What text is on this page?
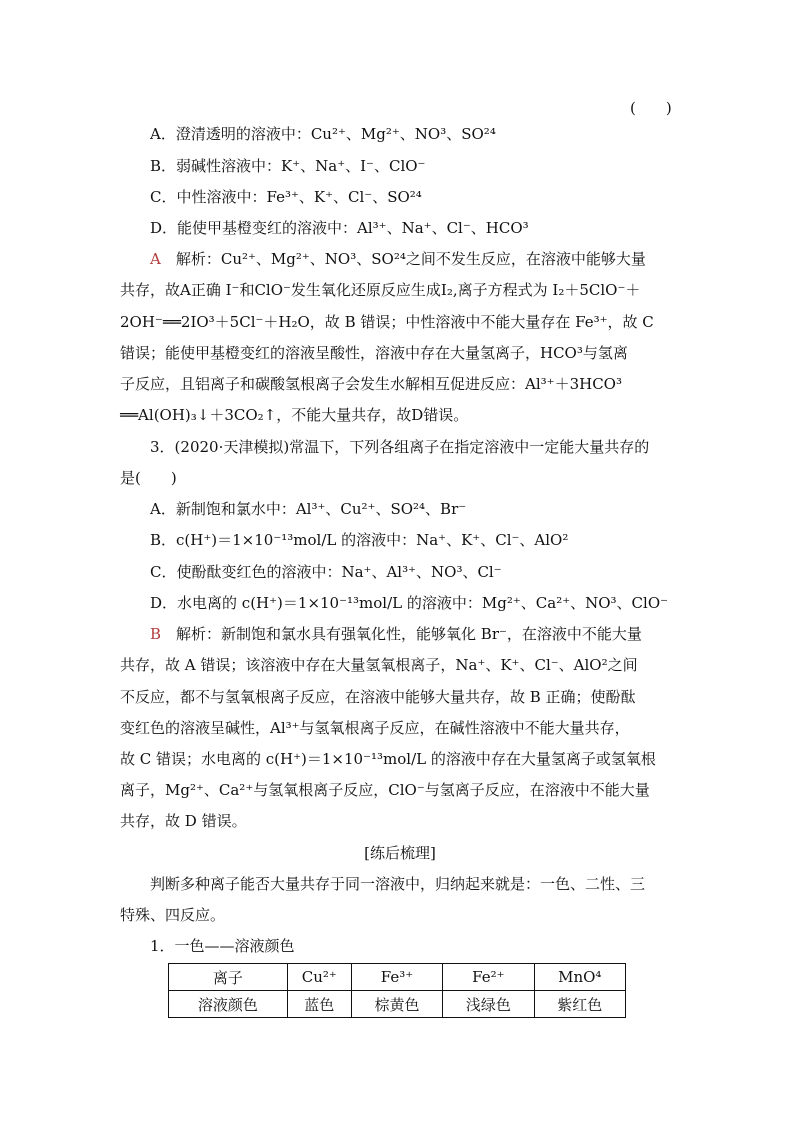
(　　)
A．澄清透明的溶液中：Cu²⁺、Mg²⁺、NO³、SO²⁴
B．弱碱性溶液中：K⁺、Na⁺、I⁻、ClO⁻
C．中性溶液中：Fe³⁺、K⁺、Cl⁻、SO²⁴
D．能使甲基橙变红的溶液中：Al³⁺、Na⁺、Cl⁻、HCO³
A　解析：Cu²⁺、Mg²⁺、NO³、SO²⁴之间不发生反应，在溶液中能够大量
共存，故A正确 I⁻和ClO⁻发生氧化还原反应生成I₂,离子方程式为 I₂＋5ClO⁻＋
2OH⁻══2IO³＋5Cl⁻＋H₂O，故 B 错误；中性溶液中不能大量存在 Fe³⁺，故 C
错误；能使甲基橙变红的溶液呈酸性，溶液中存在大量氢离子，HCO³与氢离
子反应，且铝离子和碳酸氢根离子会发生水解相互促进反应：Al³⁺＋3HCO³
══Al(OH)₃↓＋3CO₂↑，不能大量共存，故D错误。
3．(2020·天津模拟)常温下，下列各组离子在指定溶液中一定能大量共存的
是(　　)
A．新制饱和氯水中：Al³⁺、Cu²⁺、SO²⁴、Br⁻
B．c(H⁺)＝1×10⁻¹³mol/L 的溶液中：Na⁺、K⁺、Cl⁻、AlO²
C．使酚酞变红色的溶液中：Na⁺、Al³⁺、NO³、Cl⁻
D．水电离的 c(H⁺)＝1×10⁻¹³mol/L 的溶液中：Mg²⁺、Ca²⁺、NO³、ClO⁻
B　解析：新制饱和氯水具有强氧化性，能够氧化 Br⁻，在溶液中不能大量
共存，故 A 错误；该溶液中存在大量氢氧根离子，Na⁺、K⁺、Cl⁻、AlO²之间
不反应，都不与氢氧根离子反应，在溶液中能够大量共存，故 B 正确；使酚酞
变红色的溶液呈碱性，Al³⁺与氢氧根离子反应，在碱性溶液中不能大量共存，
故 C 错误；水电离的 c(H⁺)＝1×10⁻¹³mol/L 的溶液中存在大量氢离子或氢氧根
离子，Mg²⁺、Ca²⁺与氢氧根离子反应，ClO⁻与氢离子反应，在溶液中不能大量
共存，故 D 错误。
[练后梳理]
判断多种离子能否大量共存于同一溶液中，归纳起来就是：一色、二性、三
特殊、四反应。
1．一色——溶液颜色
离子	Cu²⁺	Fe³⁺	Fe²⁺	MnO⁴
溶液颜色	蓝色	棕黄色	浅绿色	紫红色
